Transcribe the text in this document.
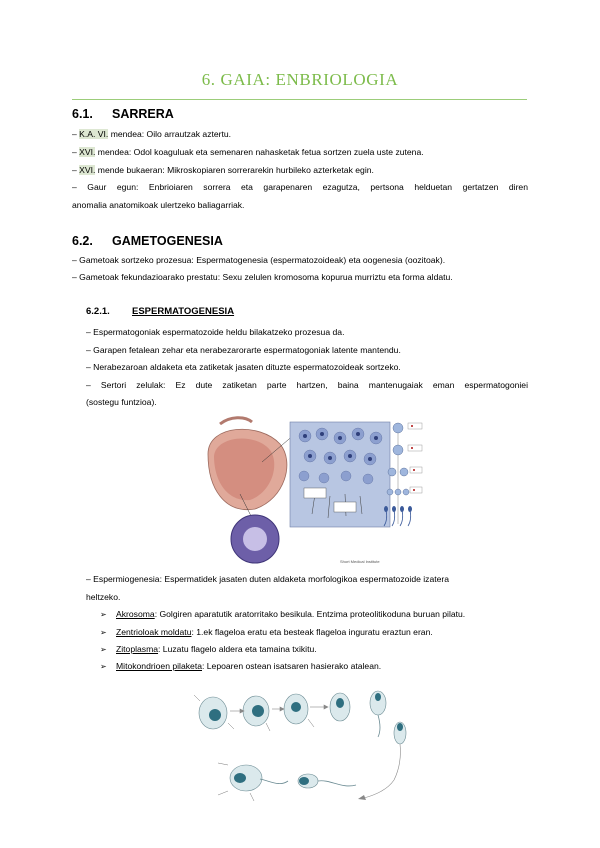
6. GAIA: ENBRIOLOGIA
6.1. SARRERA
– K.A. VI. mendea: Oilo arrautzak aztertu.
– XVI. mendea: Odol koaguluak eta semenaren nahasketak fetua sortzen zuela uste zutena.
– XVI. mende bukaeran: Mikroskopiaren sorrerarekin hurbileko azterketak egin.
– Gaur egun: Enbrioiaren sorrera eta garapenaren ezagutza, pertsona helduetan gertatzen diren
anomalia anatomikoak ulertzeko baliagarriak.
6.2. GAMETOGENESIA
– Gametoak sortzeko prozesua: Espermatogenesia (espermatozoideak) eta oogenesia (oozitoak).
– Gametoak fekundazioarako prestatu: Sexu zelulen kromosoma kopurua murriztu eta forma aldatu.
6.2.1. ESPERMATOGENESIA
– Espermatogoniak espermatozoide heldu bilakatzeko prozesua da.
– Garapen fetalean zehar eta nerabezarorarte espermatogoniak latente mantendu.
– Nerabezaroan aldaketa eta zatiketak jasaten dituzte espermatozoideak sortzeko.
– Sertori zelulak: Ez dute zatiketan parte hartzen, baina mantenugaiak eman espermatogoniei
(sostegu funtzioa).
Short Medical Institute
– Espermiogenesia: Espermatidek jasaten duten aldaketa morfologikoa espermatozoide izatera
heltzeko.
➢ Akrosoma: Golgiren aparatutik aratorritako besikula. Entzima proteolitikoduna buruan pilatu.
➢ Zentrioloak moldatu: 1.ek flageloa eratu eta besteak flageloa inguratu eraztun eran.
➢ Zitoplasma: Luzatu flagelo aldera eta tamaina txikitu.
➢ Mitokondrioen pilaketa: Lepoaren ostean isatsaren hasierako atalean.
